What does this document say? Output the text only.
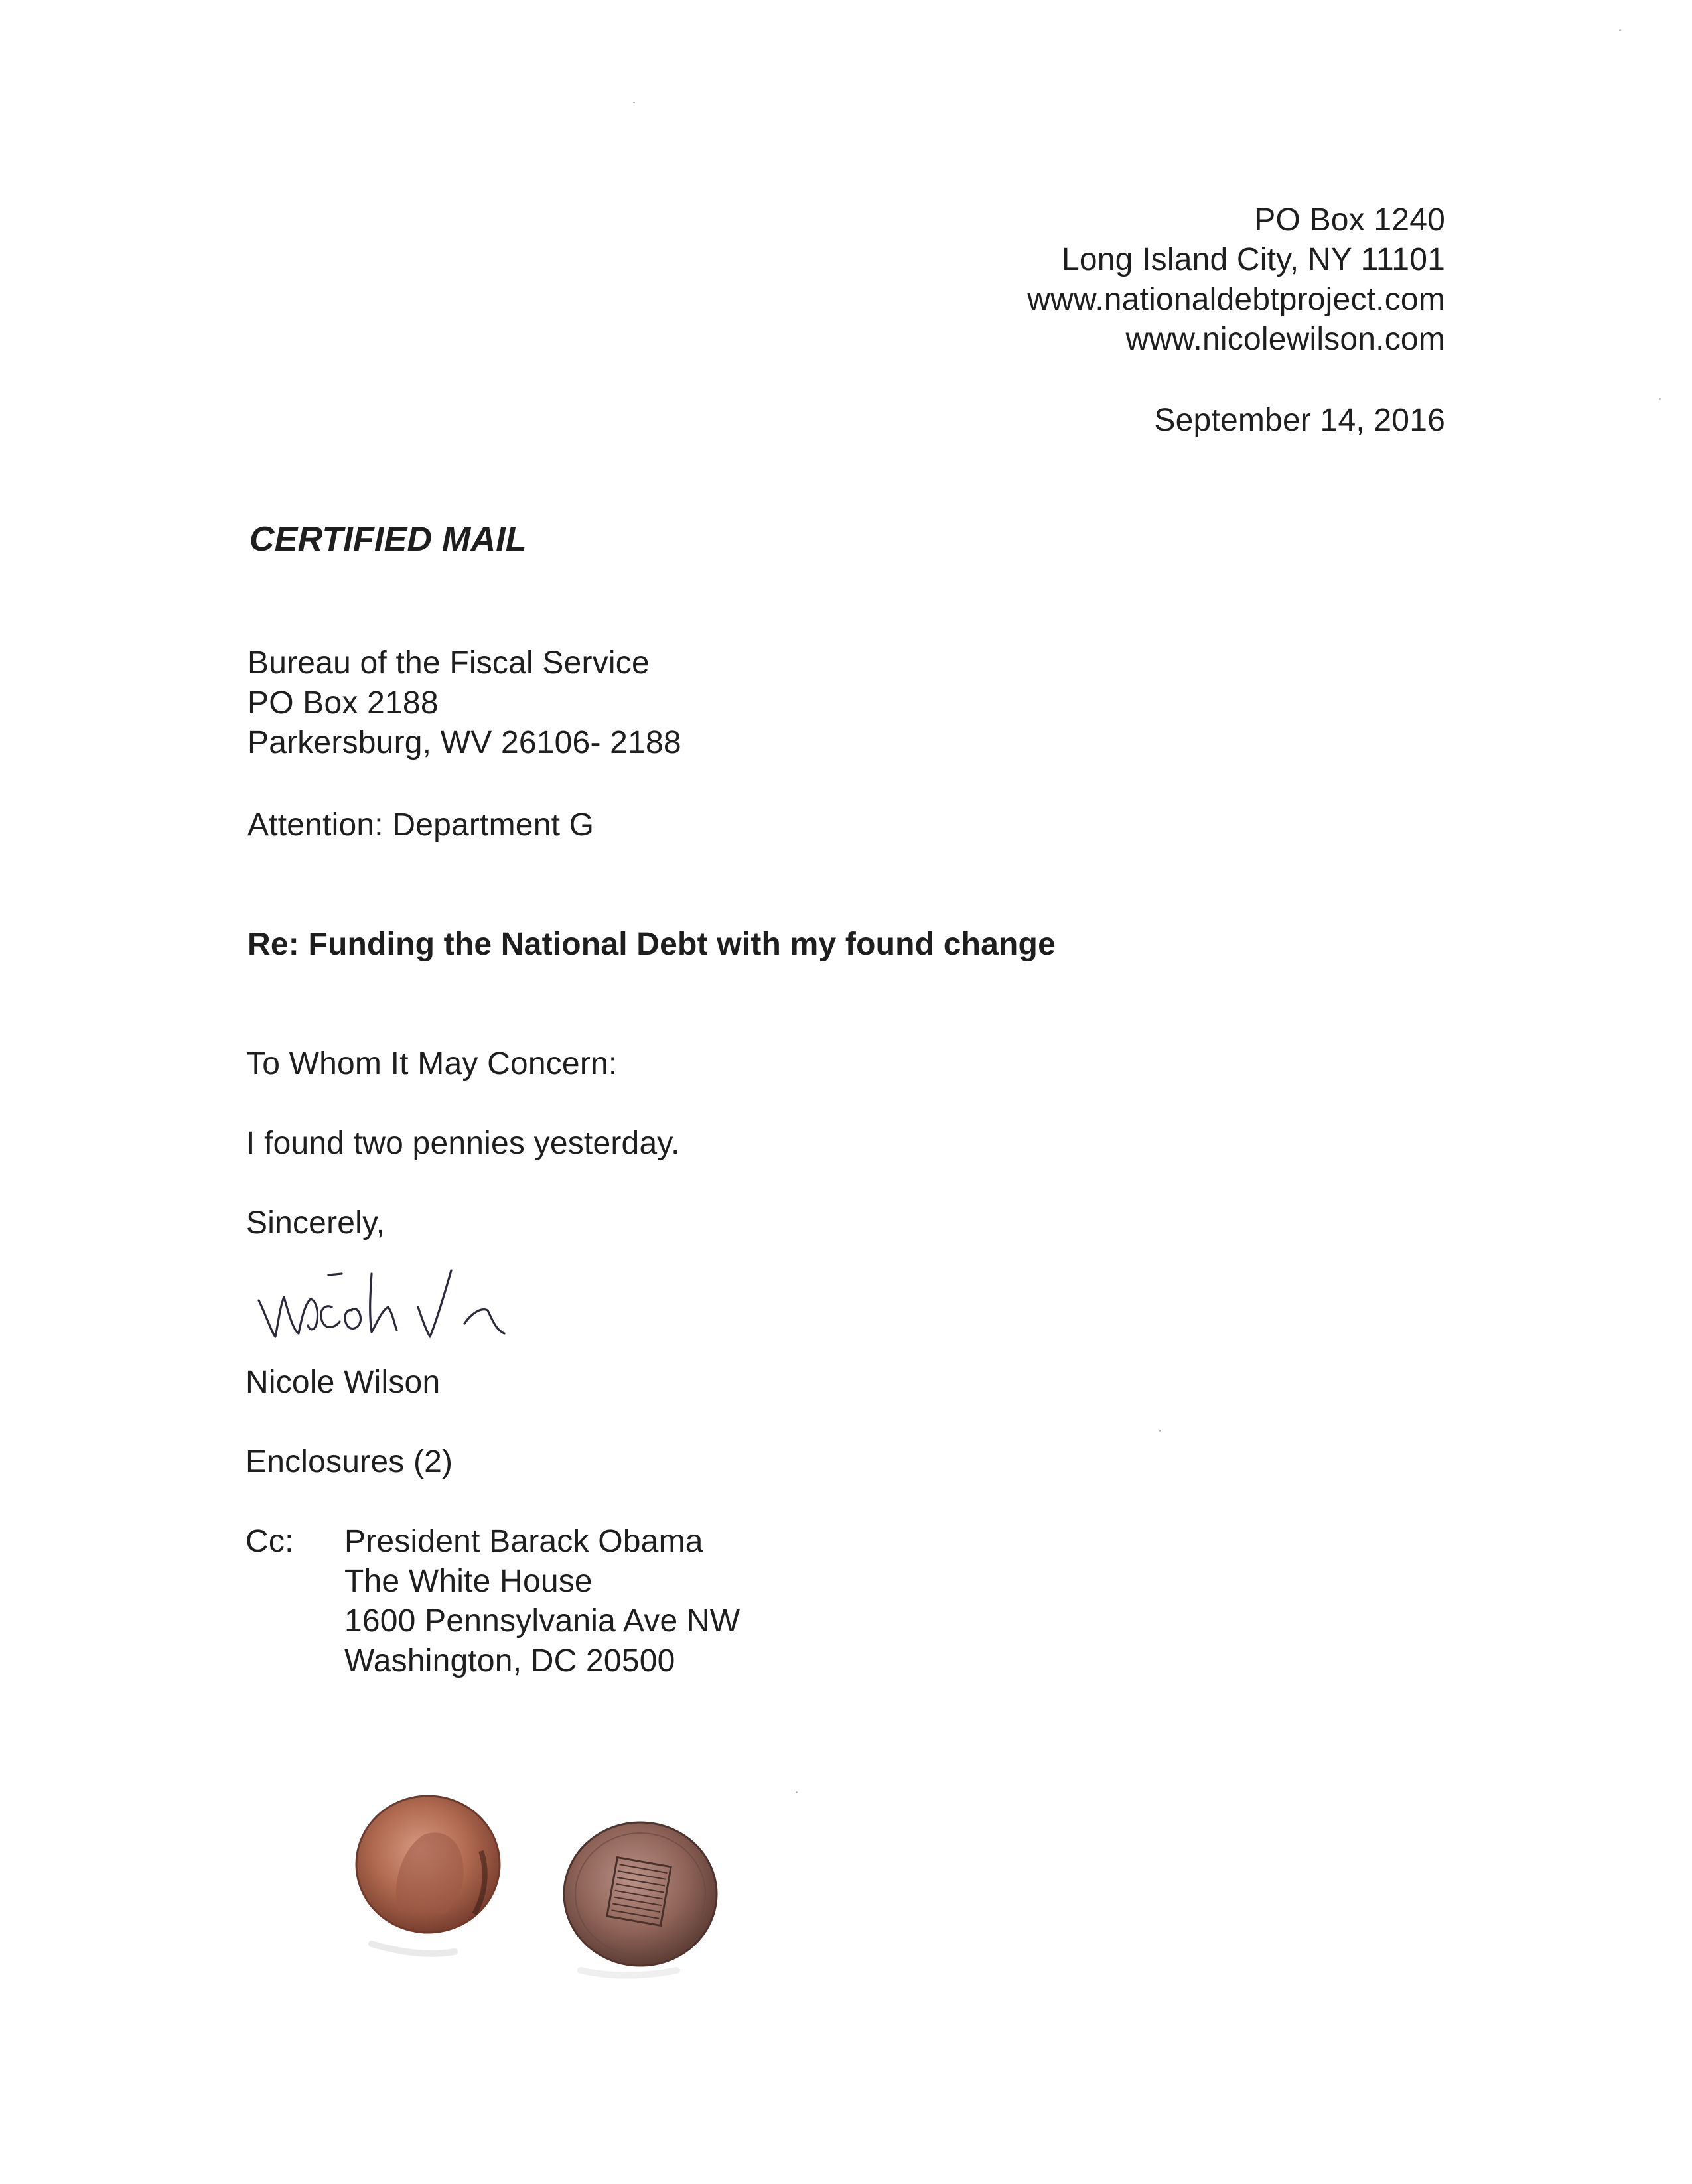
PO Box 1240
Long Island City, NY 11101
www.nationaldebtproject.com
www.nicolewilson.com
September 14, 2016
CERTIFIED MAIL
Bureau of the Fiscal Service
PO Box 2188
Parkersburg, WV 26106- 2188
Attention: Department G
Re: Funding the National Debt with my found change
To Whom It May Concern:
I found two pennies yesterday.
Sincerely,
Nicole Wilson
Enclosures (2)
Cc: President Barack Obama
The White House
1600 Pennsylvania Ave NW
Washington, DC 20500
